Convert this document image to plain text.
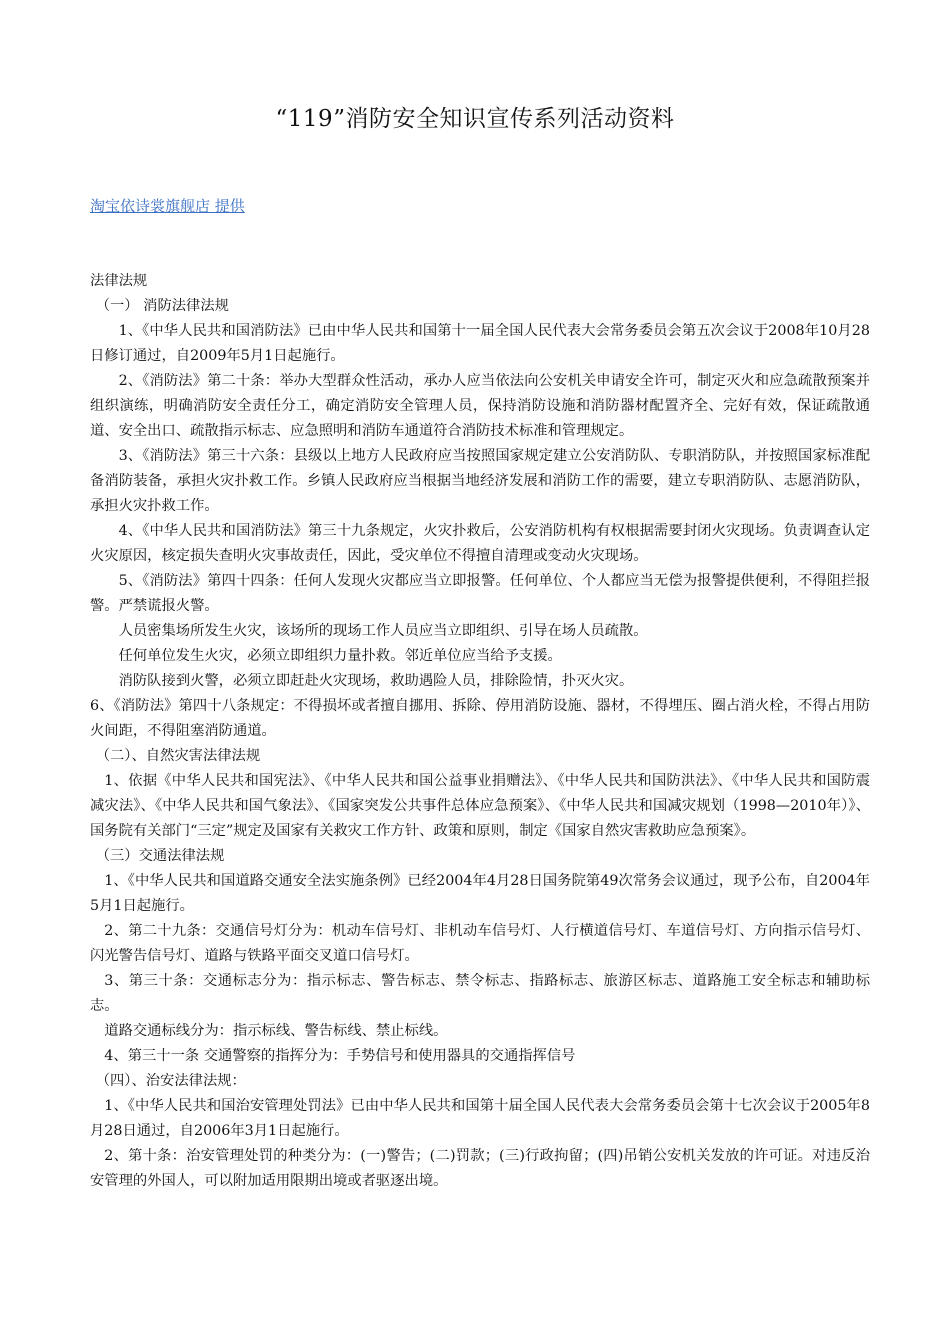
“119”消防安全知识宣传系列活动资料
淘宝依诗裳旗舰店 提供

法律法规

（一） 消防法律法规

1、《中华人民共和国消防法》已由中华人民共和国第十一届全国人民代表大会常务委员会第五次会议于2008年10月28日修订通过，自2009年5月1日起施行。

2、《消防法》第二十条：举办大型群众性活动，承办人应当依法向公安机关申请安全许可，制定灭火和应急疏散预案并组织演练，明确消防安全责任分工，确定消防安全管理人员，保持消防设施和消防器材配置齐全、完好有效，保证疏散通道、安全出口、疏散指示标志、应急照明和消防车通道符合消防技术标准和管理规定。

3、《消防法》第三十六条：县级以上地方人民政府应当按照国家规定建立公安消防队、专职消防队，并按照国家标准配备消防装备，承担火灾扑救工作。乡镇人民政府应当根据当地经济发展和消防工作的需要，建立专职消防队、志愿消防队，承担火灾扑救工作。

4、《中华人民共和国消防法》第三十九条规定，火灾扑救后，公安消防机构有权根据需要封闭火灾现场。负责调查认定火灾原因，核定损失查明火灾事故责任，因此，受灾单位不得擅自清理或变动火灾现场。

5、《消防法》第四十四条：任何人发现火灾都应当立即报警。任何单位、个人都应当无偿为报警提供便利，不得阻拦报警。严禁谎报火警。

人员密集场所发生火灾，该场所的现场工作人员应当立即组织、引导在场人员疏散。

任何单位发生火灾，必须立即组织力量扑救。邻近单位应当给予支援。

消防队接到火警，必须立即赶赴火灾现场，救助遇险人员，排除险情，扑灭火灾。

6、《消防法》第四十八条规定：不得损坏或者擅自挪用、拆除、停用消防设施、器材，不得埋压、圈占消火栓，不得占用防火间距，不得阻塞消防通道。

（二）、自然灾害法律法规

1、依据《中华人民共和国宪法》、《中华人民共和国公益事业捐赠法》、《中华人民共和国防洪法》、《中华人民共和国防震减灾法》、《中华人民共和国气象法》、《国家突发公共事件总体应急预案》、《中华人民共和国减灾规划（1998—2010年）》、国务院有关部门“三定”规定及国家有关救灾工作方针、政策和原则，制定《国家自然灾害救助应急预案》。

（三）交通法律法规

1、《中华人民共和国道路交通安全法实施条例》已经2004年4月28日国务院第49次常务会议通过，现予公布，自2004年5月1日起施行。

2、第二十九条：交通信号灯分为：机动车信号灯、非机动车信号灯、人行横道信号灯、车道信号灯、方向指示信号灯、闪光警告信号灯、道路与铁路平面交叉道口信号灯。

3、第三十条：交通标志分为：指示标志、警告标志、禁令标志、指路标志、旅游区标志、道路施工安全标志和辅助标志。

道路交通标线分为：指示标线、警告标线、禁止标线。

4、第三十一条 交通警察的指挥分为：手势信号和使用器具的交通指挥信号

（四）、治安法律法规：

1、《中华人民共和国治安管理处罚法》已由中华人民共和国第十届全国人民代表大会常务委员会第十七次会议于2005年8月28日通过，自2006年3月1日起施行。

2、第十条：治安管理处罚的种类分为：(一)警告；(二)罚款；(三)行政拘留；(四)吊销公安机关发放的许可证。对违反治安管理的外国人，可以附加适用限期出境或者驱逐出境。
